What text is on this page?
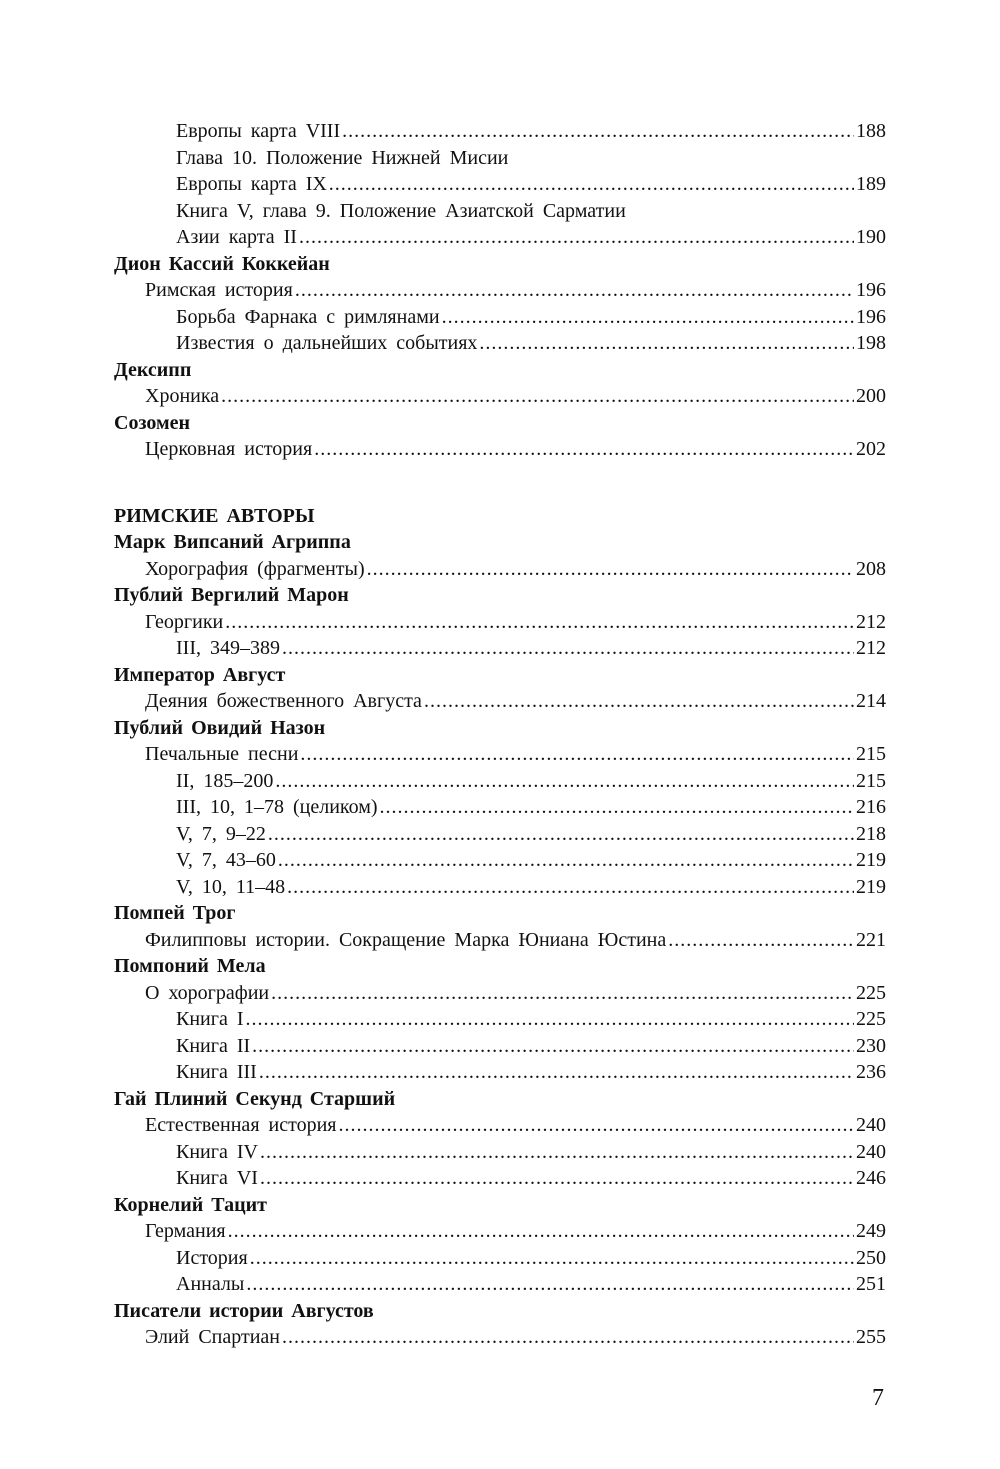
Европы карта VIII .....	188
Глава 10. Положение Нижней Мисии
Европы карта IX .....	189
Книга V, глава 9. Положение Азиатской Сарматии
Азии карта II .....	190
Дион Кассий Коккейан
Римская история .....	196
Борьба Фарнака с римлянами .....	196
Известия о дальнейших событиях .....	198
Дексипп
Хроника .....	200
Созомен
Церковная история .....	202
РИМСКИЕ АВТОРЫ
Марк Випсаний Агриппа
Хорография (фрагменты) .....	208
Публий Вергилий Марон
Георгики .....	212
III, 349–389 .....	212
Император Август
Деяния божественного Августа .....	214
Публий Овидий Назон
Печальные песни .....	215
II, 185–200 .....	215
III, 10, 1–78 (целиком) .....	216
V, 7, 9–22 .....	218
V, 7, 43–60 .....	219
V, 10, 11–48 .....	219
Помпей Трог
Филипповы истории. Сокращение Марка Юниана Юстина .....	221
Помпоний Мела
О хорографии .....	225
Книга I .....	225
Книга II .....	230
Книга III .....	236
Гай Плиний Секунд Старший
Естественная история .....	240
Книга IV .....	240
Книга VI .....	246
Корнелий Тацит
Германия .....	249
История .....	250
Анналы .....	251
Писатели истории Августов
Элий Спартиан .....	255
7
